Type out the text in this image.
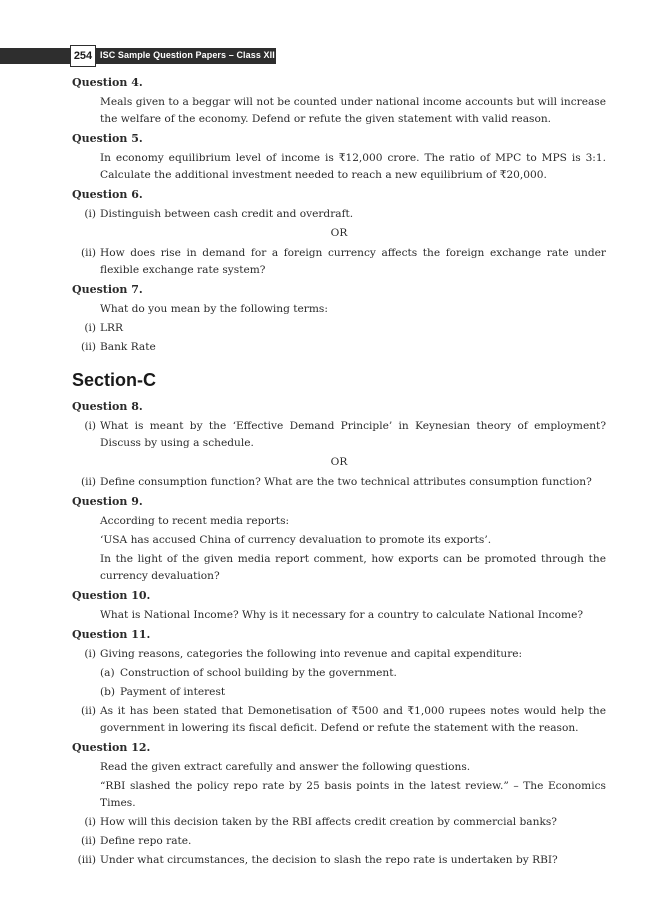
254 ISC Sample Question Papers – Class XII
Question 4.
Meals given to a beggar will not be counted under national income accounts but will increase the welfare of the economy. Defend or refute the given statement with valid reason.
Question 5.
In economy equilibrium level of income is ₹12,000 crore. The ratio of MPC to MPS is 3:1. Calculate the additional investment needed to reach a new equilibrium of ₹20,000.
Question 6.
(i) Distinguish between cash credit and overdraft.
OR
(ii) How does rise in demand for a foreign currency affects the foreign exchange rate under flexible exchange rate system?
Question 7.
What do you mean by the following terms:
(i) LRR
(ii) Bank Rate
Section-C
Question 8.
(i) What is meant by the ‘Effective Demand Principle’ in Keynesian theory of employment? Discuss by using a schedule.
OR
(ii) Define consumption function? What are the two technical attributes consumption function?
Question 9.
According to recent media reports:
‘USA has accused China of currency devaluation to promote its exports’.
In the light of the given media report comment, how exports can be promoted through the currency devaluation?
Question 10.
What is National Income? Why is it necessary for a country to calculate National Income?
Question 11.
(i) Giving reasons, categories the following into revenue and capital expenditure:
(a) Construction of school building by the government.
(b) Payment of interest
(ii) As it has been stated that Demonetisation of ₹500 and ₹1,000 rupees notes would help the government in lowering its fiscal deficit. Defend or refute the statement with the reason.
Question 12.
Read the given extract carefully and answer the following questions.
“RBI slashed the policy repo rate by 25 basis points in the latest review.” – The Economics Times.
(i) How will this decision taken by the RBI affects credit creation by commercial banks?
(ii) Define repo rate.
(iii) Under what circumstances, the decision to slash the repo rate is undertaken by RBI?
